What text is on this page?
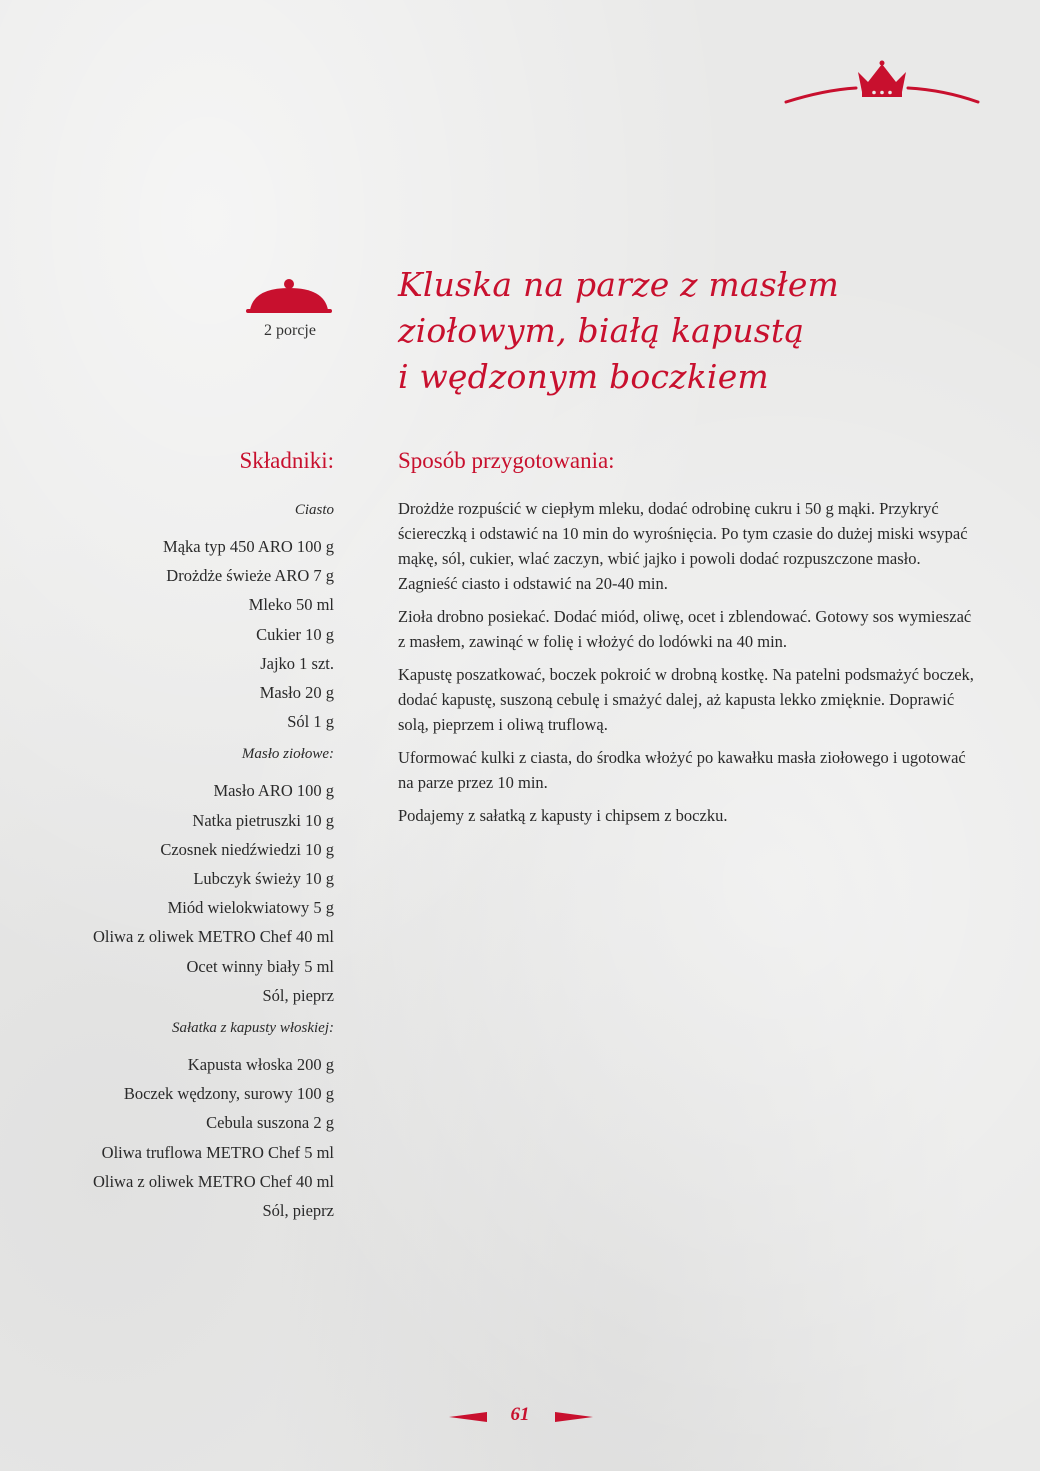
2 porcje
Kluska na parze z masłem
ziołowym, białą kapustą
i wędzonym boczkiem
Składniki:
Ciasto
Mąka typ 450 ARO 100 g
Drożdże świeże ARO 7 g
Mleko 50 ml
Cukier 10 g
Jajko 1 szt.
Masło 20 g
Sól 1 g
Masło ziołowe:
Masło ARO 100 g
Natka pietruszki 10 g
Czosnek niedźwiedzi 10 g
Lubczyk świeży 10 g
Miód wielokwiatowy 5 g
Oliwa z oliwek METRO Chef 40 ml
Ocet winny biały 5 ml
Sól, pieprz
Sałatka z kapusty włoskiej:
Kapusta włoska 200 g
Boczek wędzony, surowy 100 g
Cebula suszona 2 g
Oliwa truflowa METRO Chef 5 ml
Oliwa z oliwek METRO Chef 40 ml
Sól, pieprz
Sposób przygotowania:

Drożdże rozpuścić w ciepłym mleku, dodać odrobinę cukru i 50 g mąki. Przykryć ściereczką i odstawić na 10 min do wyrośnięcia. Po tym czasie do dużej miski wsypać mąkę, sól, cukier, wlać zaczyn, wbić jajko i powoli dodać rozpuszczone masło. Zagnieść ciasto i odstawić na 20-40 min.

Zioła drobno posiekać. Dodać miód, oliwę, ocet i zblendować. Gotowy sos wymieszać z masłem, zawinąć w folię i włożyć do lodówki na 40 min.

Kapustę poszatkować, boczek pokroić w drobną kostkę. Na patelni podsmażyć boczek, dodać kapustę, suszoną cebulę i smażyć dalej, aż kapusta lekko zmięknie. Doprawić solą, pieprzem i oliwą truflową.

Uformować kulki z ciasta, do środka włożyć po kawałku masła ziołowego i ugotować na parze przez 10 min.

Podajemy z sałatką z kapusty i chipsem z boczku.

61
